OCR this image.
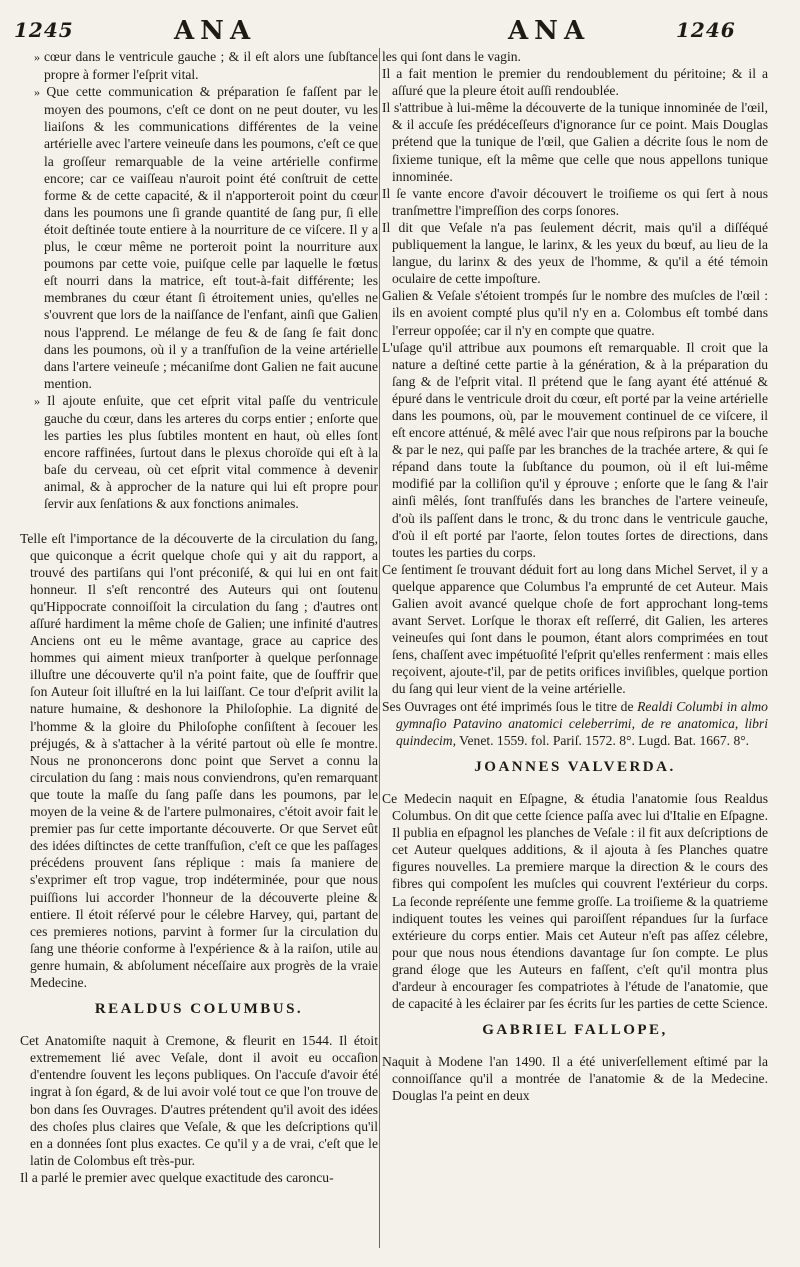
1245	ANA	ANA	1246

» cœur dans le ventricule gauche ; & il eſt alors une ſubſtance propre à former l'eſprit vital.

» Que cette communication & préparation ſe faſſent par le moyen des poumons, c'eſt ce dont on ne peut douter, vu les liaiſons & les communications différentes de la veine artérielle avec l'artere veineuſe dans les poumons, c'eſt ce que la groſſeur remarquable de la veine artérielle confirme encore; car ce vaiſſeau n'auroit point été conſtruit de cette forme & de cette capacité, & il n'apporteroit point du cœur dans les poumons une ſi grande quantité de ſang pur, ſi elle étoit deſtinée toute entiere à la nourriture de ce viſcere. Il y a plus, le cœur même ne porteroit point la nourriture aux poumons par cette voie, puiſque celle par laquelle le fœtus eſt nourri dans la matrice, eſt tout-à-fait différente; les membranes du cœur étant ſi étroitement unies, qu'elles ne s'ouvrent que lors de la naiſſance de l'enfant, ainſi que Galien nous l'apprend. Le mélange de feu & de ſang ſe fait donc dans les poumons, où il y a tranſfuſion de la veine artérielle dans l'artere veineuſe ; mécaniſme dont Galien ne fait aucune mention.

» Il ajoute enſuite, que cet eſprit vital paſſe du ventricule gauche du cœur, dans les arteres du corps entier ; enſorte que les parties les plus ſubtiles montent en haut, où elles ſont encore raffinées, ſurtout dans le plexus choroïde qui eſt à la baſe du cerveau, où cet eſprit vital commence à devenir animal, & à approcher de la nature qui lui eſt propre pour ſervir aux ſenſations & aux fonctions animales.

Telle eſt l'importance de la découverte de la circulation du ſang, que quiconque a écrit quelque choſe qui y ait du rapport, a trouvé des partiſans qui l'ont préconiſé, & qui lui en ont fait honneur. Il s'eſt rencontré des Auteurs qui ont ſoutenu qu'Hippocrate connoiſſoit la circulation du ſang ; d'autres ont aſſuré hardiment la même choſe de Galien; une infinité d'autres Anciens ont eu le même avantage, grace au caprice des hommes qui aiment mieux tranſporter à quelque perſonnage illuſtre une découverte qu'il n'a point faite, que de ſouffrir que ſon Auteur ſoit illuſtré en la lui laiſſant. Ce tour d'eſprit avilit la nature humaine, & deshonore la Philoſophie. La dignité de l'homme & la gloire du Philoſophe conſiſtent à ſecouer les préjugés, & à s'attacher à la vérité partout où elle ſe montre. Nous ne prononcerons donc point que Servet a connu la circulation du ſang : mais nous conviendrons, qu'en remarquant que toute la maſſe du ſang paſſe dans les poumons, par le moyen de la veine & de l'artere pulmonaires, c'étoit avoir fait le premier pas ſur cette importante découverte. Or que Servet eût des idées diſtinctes de cette tranſfuſion, c'eſt ce que les paſſages précédens prouvent ſans réplique : mais ſa maniere de s'exprimer eſt trop vague, trop indéterminée, pour que nous puiſſions lui accorder l'honneur de la découverte pleine & entiere. Il étoit réſervé pour le célebre Harvey, qui, partant de ces premieres notions, parvint à former ſur la circulation du ſang une théorie conforme à l'expérience & à la raiſon, utile au genre humain, & abſolument néceſſaire aux progrès de la vraie Medecine.

REALDUS COLUMBUS.

Cet Anatomiſte naquit à Cremone, & fleurit en 1544. Il étoit extremement lié avec Veſale, dont il avoit eu occaſion d'entendre ſouvent les leçons publiques. On l'accuſe d'avoir été ingrat à ſon égard, & de lui avoir volé tout ce que l'on trouve de bon dans ſes Ouvrages. D'autres prétendent qu'il avoit des idées des choſes plus claires que Veſale, & que les deſcriptions qu'il en a données ſont plus exactes. Ce qu'il y a de vrai, c'eſt que le latin de Colombus eſt très-pur.

Il a parlé le premier avec quelque exactitude des caroncu-

les qui ſont dans le vagin.

Il a fait mention le premier du rendoublement du péritoine; & il a aſſuré que la pleure étoit auſſi rendoublée.

Il s'attribue à lui-même la découverte de la tunique innominée de l'œil, & il accuſe ſes prédéceſſeurs d'ignorance ſur ce point. Mais Douglas prétend que la tunique de l'œil, que Galien a décrite ſous le nom de ſixieme tunique, eſt la même que celle que nous appellons tunique innominée.

Il ſe vante encore d'avoir découvert le troiſieme os qui ſert à nous tranſmettre l'impreſſion des corps ſonores.

Il dit que Veſale n'a pas ſeulement décrit, mais qu'il a diſſéqué publiquement la langue, le larinx, & les yeux du bœuf, au lieu de la langue, du larinx & des yeux de l'homme, & qu'il a été témoin oculaire de cette impoſture.

Galien & Veſale s'étoient trompés ſur le nombre des muſcles de l'œil : ils en avoient compté plus qu'il n'y en a. Colombus eſt tombé dans l'erreur oppoſée; car il n'y en compte que quatre.

L'uſage qu'il attribue aux poumons eſt remarquable. Il croit que la nature a deſtiné cette partie à la génération, & à la préparation du ſang & de l'eſprit vital. Il prétend que le ſang ayant été atténué & épuré dans le ventricule droit du cœur, eſt porté par la veine artérielle dans les poumons, où, par le mouvement continuel de ce viſcere, il eſt encore atténué, & mêlé avec l'air que nous reſpirons par la bouche & par le nez, qui paſſe par les branches de la trachée artere, & qui ſe répand dans toute la ſubſtance du poumon, où il eſt lui-même modifié par la colliſion qu'il y éprouve ; enſorte que le ſang & l'air ainſi mêlés, ſont tranſfuſés dans les branches de l'artere veineuſe, d'où ils paſſent dans le tronc, & du tronc dans le ventricule gauche, d'où il eſt porté par l'aorte, ſelon toutes ſortes de directions, dans toutes les parties du corps.

Ce ſentiment ſe trouvant déduit fort au long dans Michel Servet, il y a quelque apparence que Columbus l'a emprunté de cet Auteur. Mais Galien avoit avancé quelque choſe de fort approchant long-tems avant Servet. Lorſque le thorax eſt reſſerré, dit Galien, les arteres veineuſes qui ſont dans le poumon, étant alors comprimées en tout ſens, chaſſent avec impétuoſité l'eſprit qu'elles renferment : mais elles reçoivent, ajoute-t'il, par de petits orifices inviſibles, quelque portion du ſang qui leur vient de la veine artérielle.

Ses Ouvrages ont été imprimés ſous le titre de Realdi Columbi in almo gymnaſio Patavino anatomici celeberrimi, de re anatomica, libri quindecim, Venet. 1559. fol. Pariſ. 1572. 8°. Lugd. Bat. 1667. 8°.

JOANNES VALVERDA.

Ce Medecin naquit en Eſpagne, & étudia l'anatomie ſous Realdus Columbus. On dit que cette ſcience paſſa avec lui d'Italie en Eſpagne. Il publia en eſpagnol les planches de Veſale : il fit aux deſcriptions de cet Auteur quelques additions, & il ajouta à ſes Planches quatre figures nouvelles. La premiere marque la direction & le cours des fibres qui compoſent les muſcles qui couvrent l'extérieur du corps. La ſeconde repréſente une femme groſſe. La troiſieme & la quatrieme indiquent toutes les veines qui paroiſſent répandues ſur la ſurface extérieure du corps entier. Mais cet Auteur n'eſt pas aſſez célebre, pour que nous nous étendions davantage ſur ſon compte. Le plus grand éloge que les Auteurs en faſſent, c'eſt qu'il montra plus d'ardeur à encourager ſes compatriotes à l'étude de l'anatomie, que de capacité à les éclairer par ſes écrits ſur les parties de cette Science.

GABRIEL FALLOPE,

Naquit à Modene l'an 1490. Il a été univerſellement eſtimé par la connoiſſance qu'il a montrée de l'anatomie & de la Medecine. Douglas l'a peint en deux
